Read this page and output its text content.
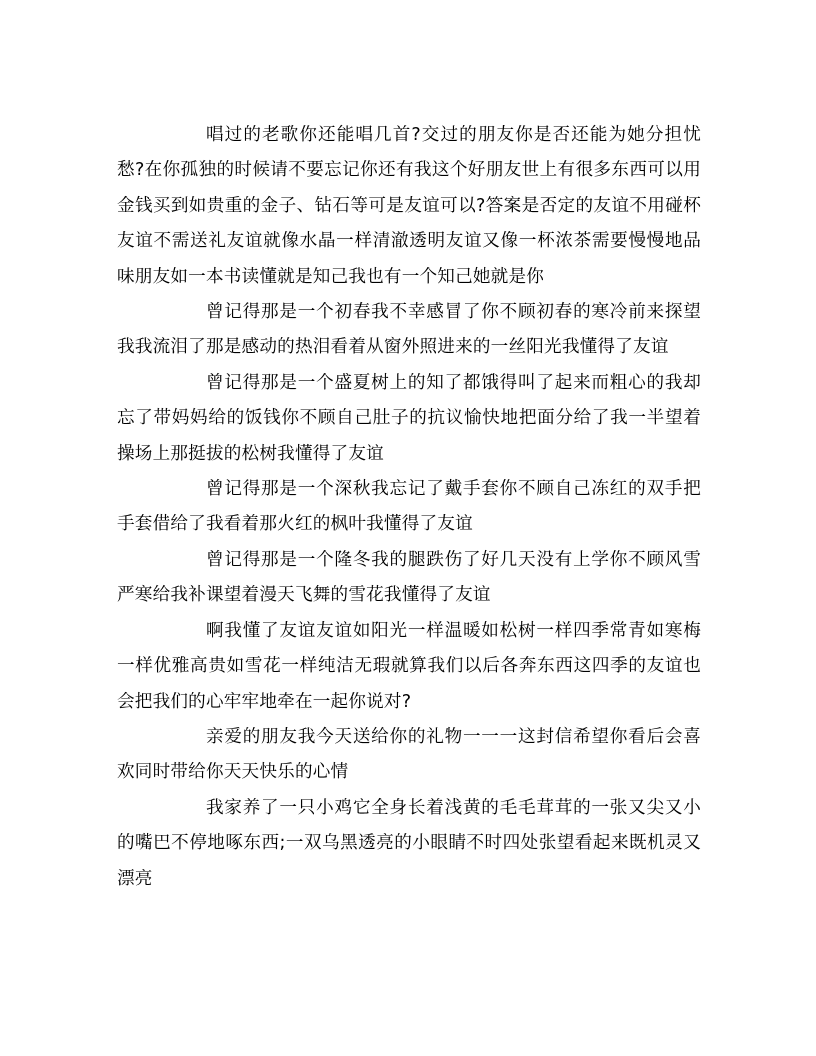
唱过的老歌你还能唱几首?交过的朋友你是否还能为她分担忧愁?在你孤独的时候请不要忘记你还有我这个好朋友世上有很多东西可以用金钱买到如贵重的金子、钻石等可是友谊可以?答案是否定的友谊不用碰杯友谊不需送礼友谊就像水晶一样清澈透明友谊又像一杯浓茶需要慢慢地品味朋友如一本书读懂就是知己我也有一个知己她就是你

曾记得那是一个初春我不幸感冒了你不顾初春的寒冷前来探望我我流泪了那是感动的热泪看着从窗外照进来的一丝阳光我懂得了友谊

曾记得那是一个盛夏树上的知了都饿得叫了起来而粗心的我却忘了带妈妈给的饭钱你不顾自己肚子的抗议愉快地把面分给了我一半望着操场上那挺拔的松树我懂得了友谊

曾记得那是一个深秋我忘记了戴手套你不顾自己冻红的双手把手套借给了我看着那火红的枫叶我懂得了友谊

曾记得那是一个隆冬我的腿跌伤了好几天没有上学你不顾风雪严寒给我补课望着漫天飞舞的雪花我懂得了友谊

啊我懂了友谊友谊如阳光一样温暖如松树一样四季常青如寒梅一样优雅高贵如雪花一样纯洁无瑕就算我们以后各奔东西这四季的友谊也会把我们的心牢牢地牵在一起你说对?

亲爱的朋友我今天送给你的礼物一一一这封信希望你看后会喜欢同时带给你天天快乐的心情

我家养了一只小鸡它全身长着浅黄的毛毛茸茸的一张又尖又小的嘴巴不停地啄东西;一双乌黑透亮的小眼睛不时四处张望看起来既机灵又漂亮
